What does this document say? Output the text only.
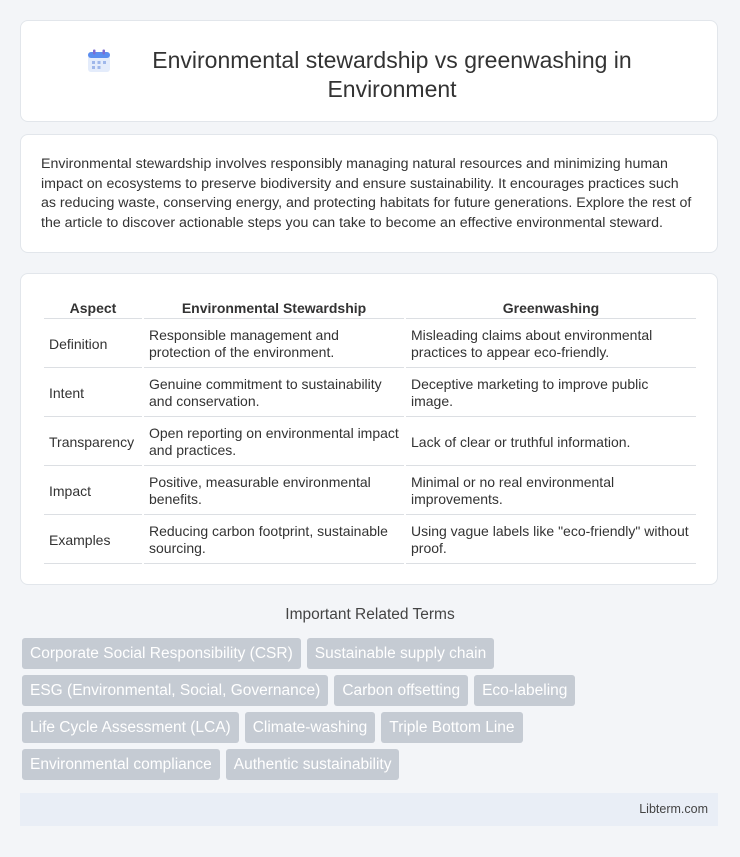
Environmental stewardship vs greenwashing in Environment
Environmental stewardship involves responsibly managing natural resources and minimizing human impact on ecosystems to preserve biodiversity and ensure sustainability. It encourages practices such as reducing waste, conserving energy, and protecting habitats for future generations. Explore the rest of the article to discover actionable steps you can take to become an effective environmental steward.
Aspect	Environmental Stewardship	Greenwashing
Definition	Responsible management and protection of the environment.	Misleading claims about environmental practices to appear eco-friendly.
Intent	Genuine commitment to sustainability and conservation.	Deceptive marketing to improve public image.
Transparency	Open reporting on environmental impact and practices.	Lack of clear or truthful information.
Impact	Positive, measurable environmental benefits.	Minimal or no real environmental improvements.
Examples	Reducing carbon footprint, sustainable sourcing.	Using vague labels like "eco-friendly" without proof.
Important Related Terms
Corporate Social Responsibility (CSR)	Sustainable supply chain
ESG (Environmental, Social, Governance)	Carbon offsetting	Eco-labeling
Life Cycle Assessment (LCA)	Climate-washing	Triple Bottom Line
Environmental compliance	Authentic sustainability
Libterm.com
